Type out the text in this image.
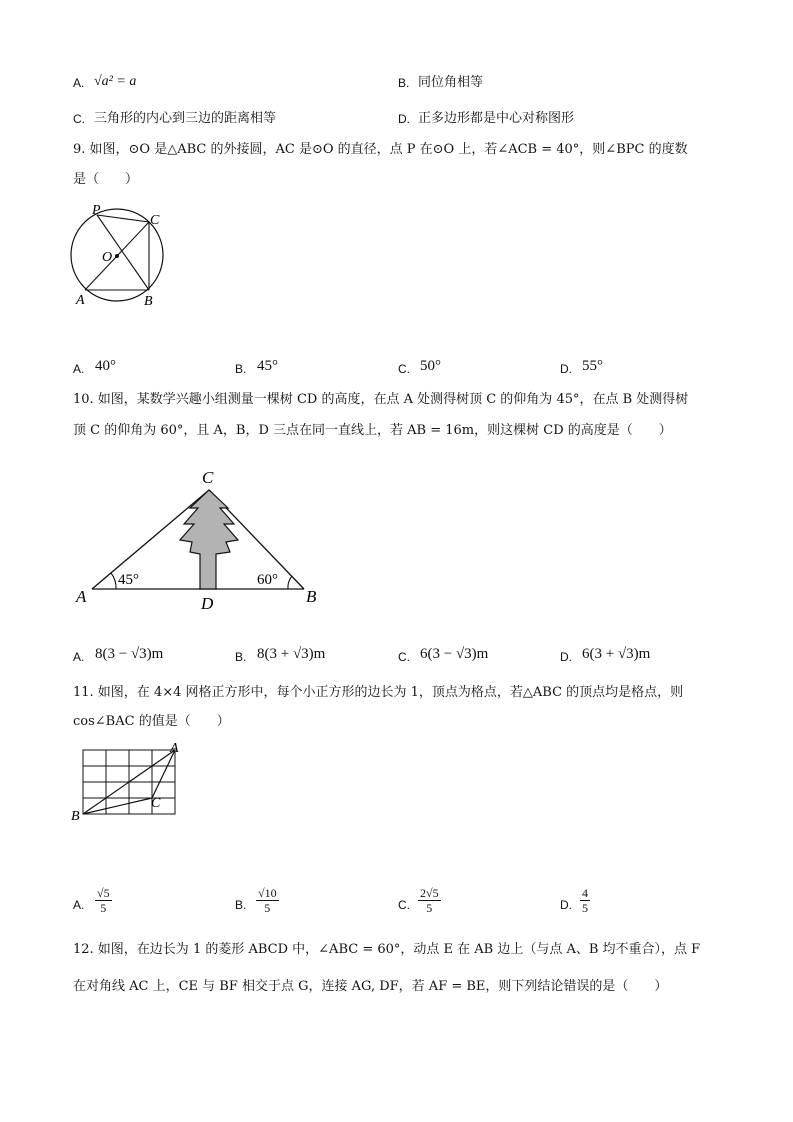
A. √a² = a	B. 同位角相等
C. 三角形的内心到三边的距离相等	D. 正多边形都是中心对称图形
9. 如图，⊙O 是△ABC 的外接圆，AC 是⊙O 的直径，点 P 在⊙O 上，若∠ACB = 40°，则∠BPC 的度数
是（　　）
P
C
O
A	B
A. 40°	B. 45°	C. 50°	D. 55°
10. 如图，某数学兴趣小组测量一棵树 CD 的高度，在点 A 处测得树顶 C 的仰角为 45°，在点 B 处测得树
顶 C 的仰角为 60°，且 A，B，D 三点在同一直线上，若 AB = 16m，则这棵树 CD 的高度是（　　）
C
A	D	B
45°	60°
A. 8(3 − √3)m	B. 8(3 + √3)m	C. 6(3 − √3)m	D. 6(3 + √3)m
11. 如图，在 4×4 网格正方形中，每个小正方形的边长为 1，顶点为格点，若△ABC 的顶点均是格点，则
cos∠BAC 的值是（　　）
A
B
C
A. $\frac{√5}{5}$	B. $\frac{√10}{5}$	C. $\frac{2√5}{5}$	D. $\frac{4}{5}$
12. 如图，在边长为 1 的菱形 ABCD 中，∠ABC = 60°，动点 E 在 AB 边上（与点 A、B 均不重合），点 F
在对角线 AC 上，CE 与 BF 相交于点 G，连接 AG, DF，若 AF = BE，则下列结论错误的是（　　）
